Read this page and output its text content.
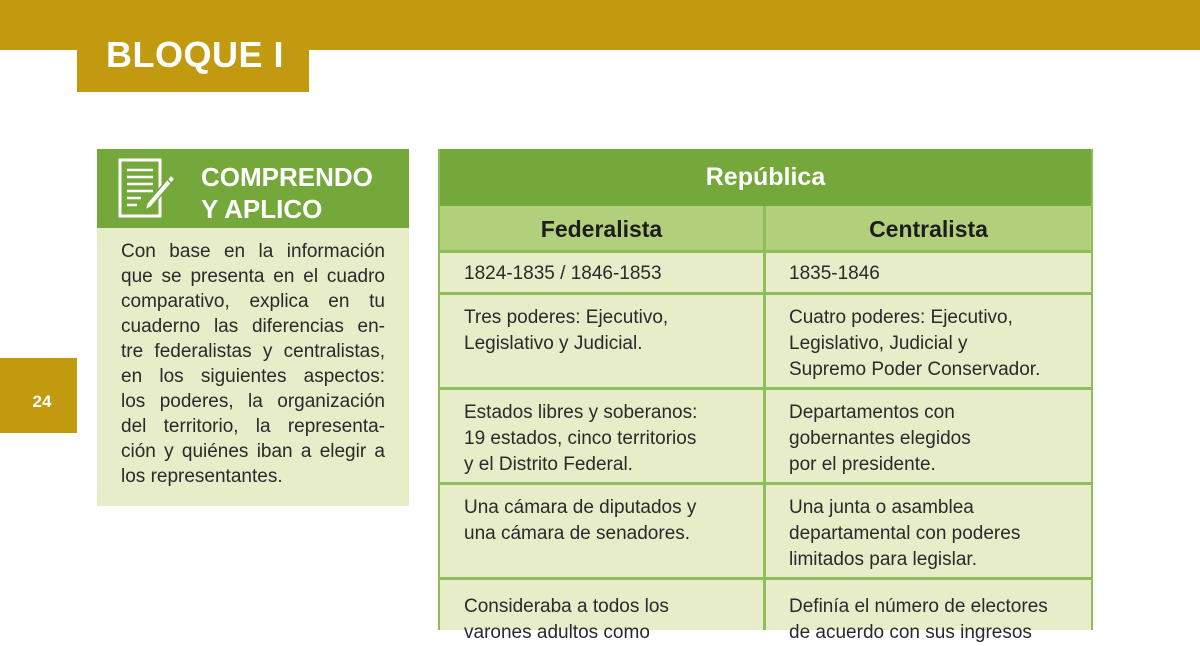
BLOQUE I
24
COMPRENDO
Y APLICO
Con base en la información
que se presenta en el cuadro
comparativo, explica en tu
cuaderno las diferencias en-
tre federalistas y centralistas,
en los siguientes aspectos:
los poderes, la organización
del territorio, la representa-
ción y quiénes iban a elegir a
los representantes.
República
Federalista	Centralista
1824-1835 / 1846-1853	1835-1846
Tres poderes: Ejecutivo,
Legislativo y Judicial.
Cuatro poderes: Ejecutivo,
Legislativo, Judicial y
Supremo Poder Conservador.
Estados libres y soberanos:
19 estados, cinco territorios
y el Distrito Federal.
Departamentos con
gobernantes elegidos
por el presidente.
Una cámara de diputados y
una cámara de senadores.
Una junta o asamblea
departamental con poderes
limitados para legislar.
Consideraba a todos los
varones adultos como
Definía el número de electores
de acuerdo con sus ingresos
